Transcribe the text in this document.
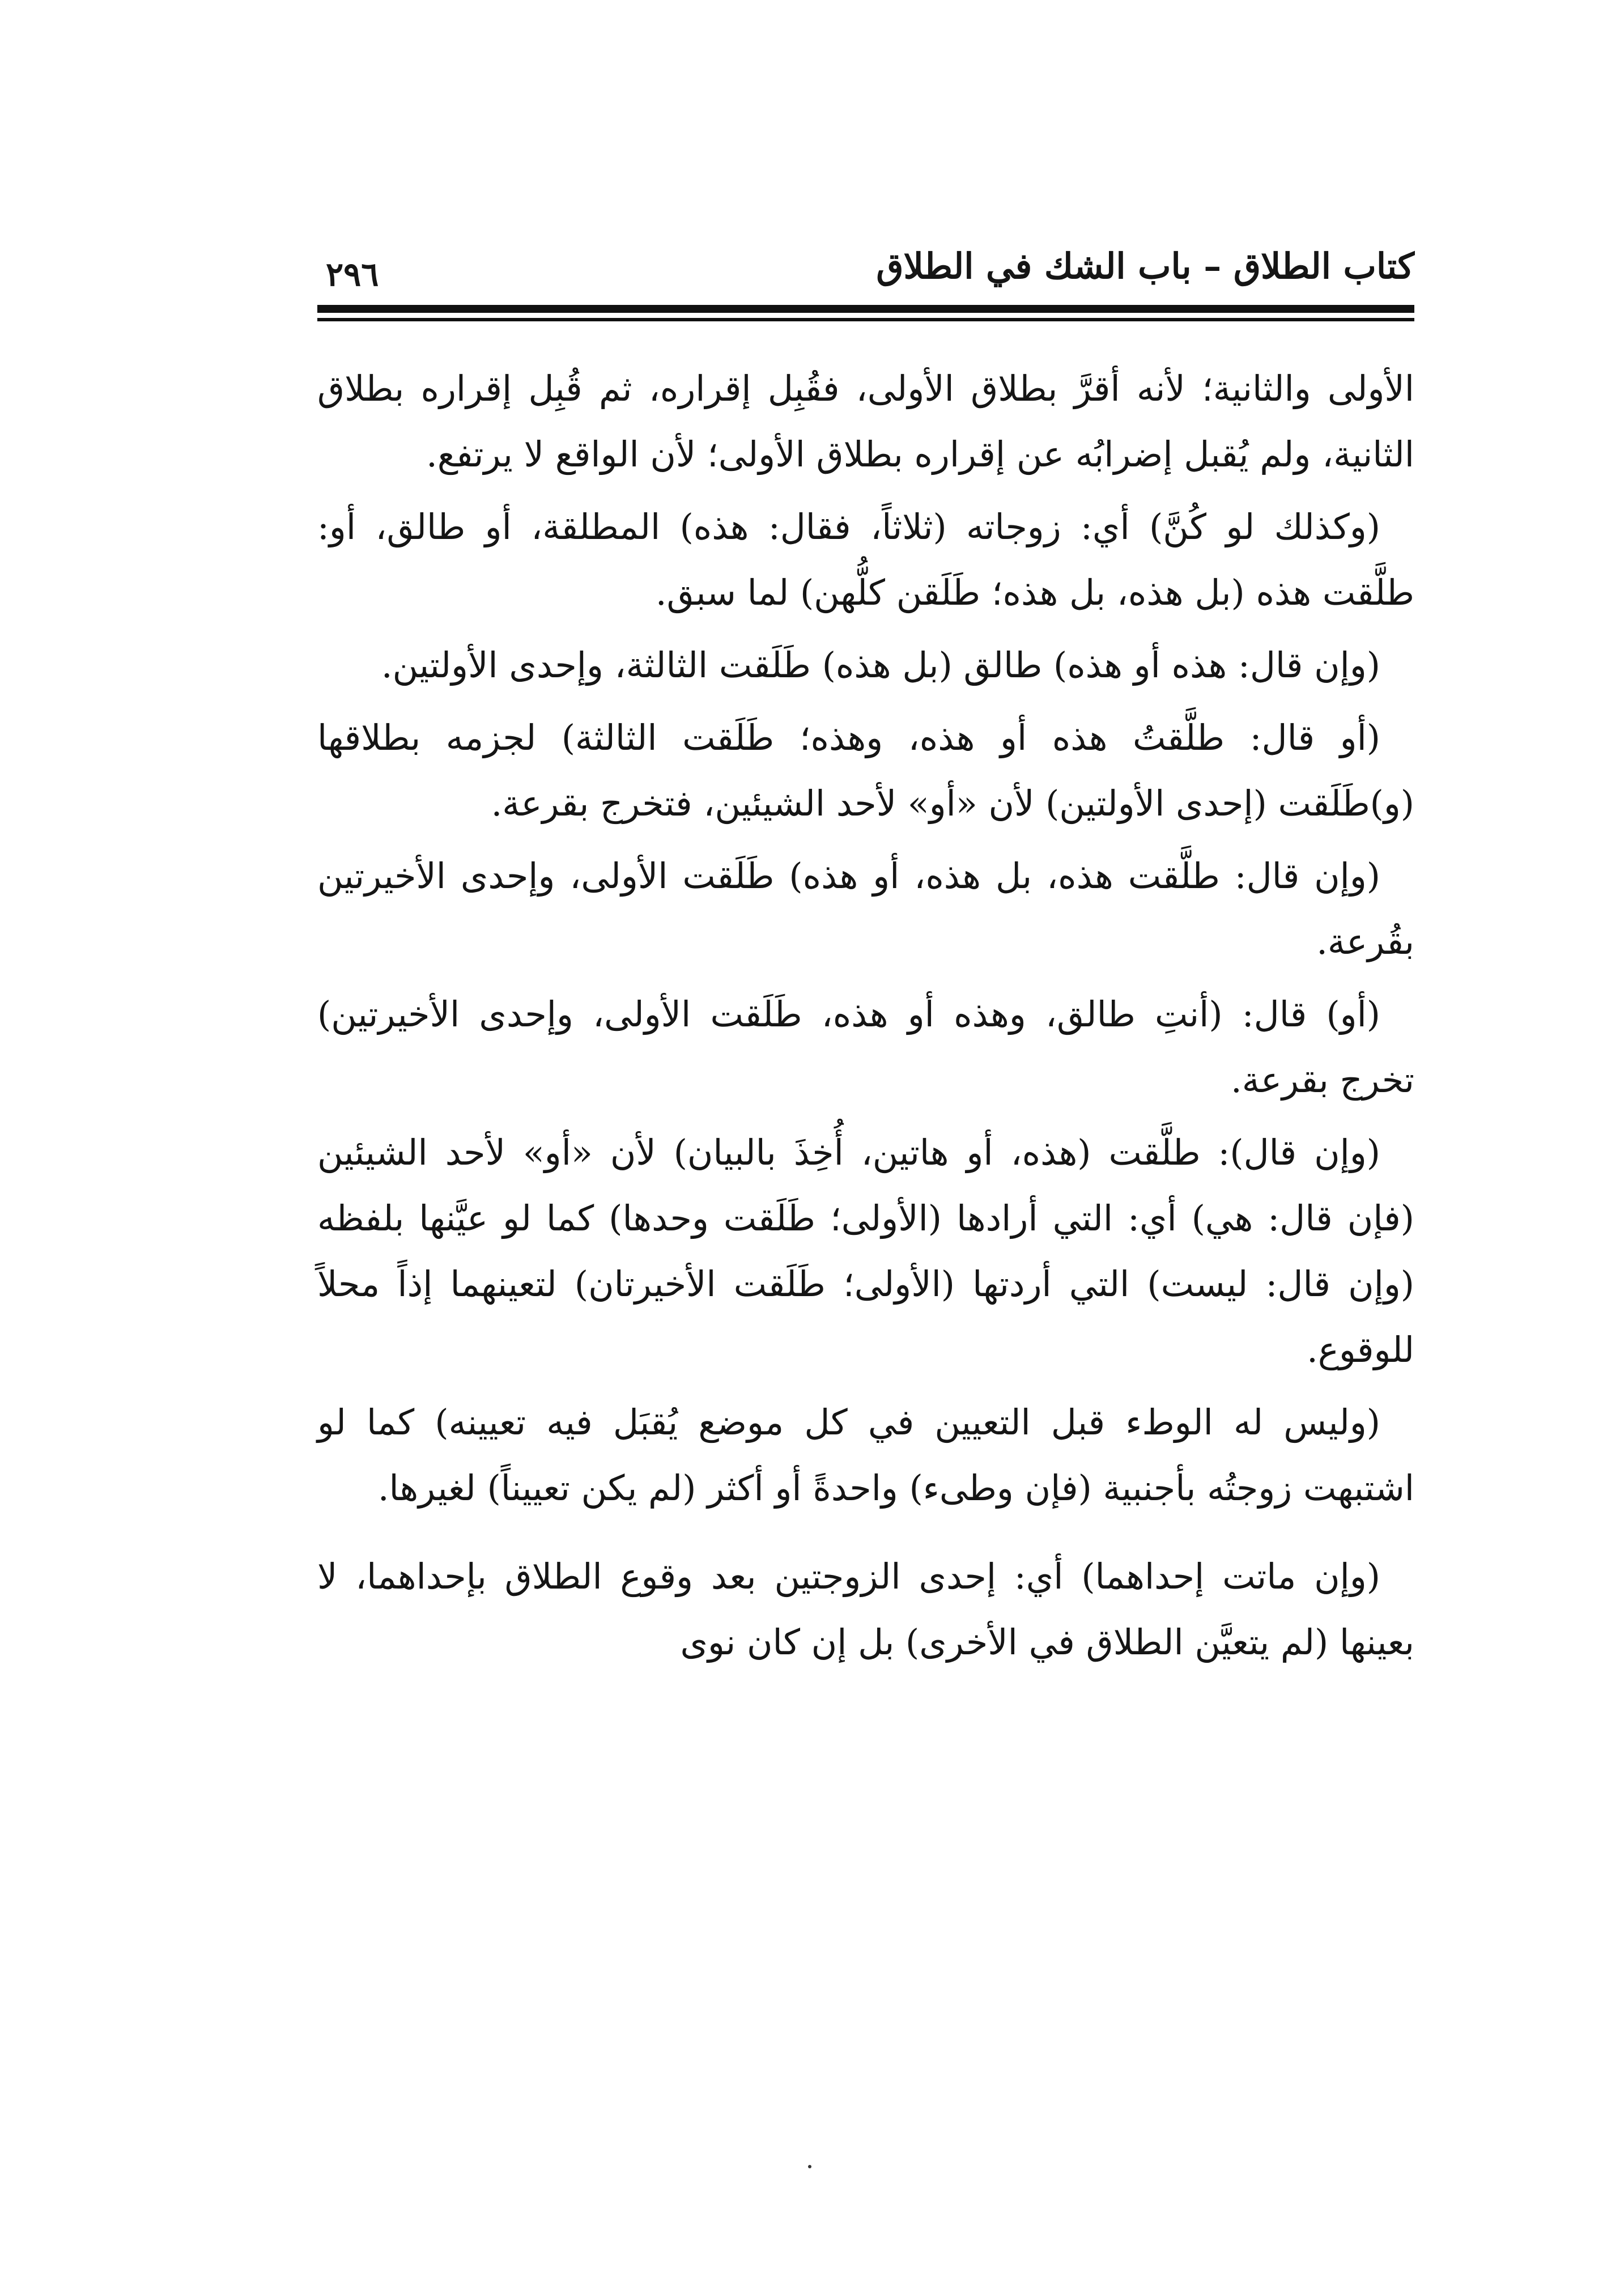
كتاب الطلاق – باب الشك في الطلاق
٢٩٦

الأولى والثانية؛ لأنه أقرَّ بطلاق الأولى، فقُبِل إقراره، ثم قُبِل إقراره بطلاق الثانية، ولم يُقبل إضرابُه عن إقراره بطلاق الأولى؛ لأن الواقع لا يرتفع.

(وكذلك لو كُنَّ) أي: زوجاته (ثلاثاً، فقال: هذه) المطلقة، أو طالق، أو: طلَّقت هذه (بل هذه، بل هذه؛ طَلَقن كلُّهن) لما سبق.

(وإن قال: هذه أو هذه) طالق (بل هذه) طَلَقت الثالثة، وإحدى الأولتين.

(أو قال: طلَّقتُ هذه أو هذه، وهذه؛ طَلَقت الثالثة) لجزمه بطلاقها (و)طَلَقت (إحدى الأولتين) لأن «أو» لأحد الشيئين، فتخرج بقرعة.

(وإن قال: طلَّقت هذه، بل هذه، أو هذه) طَلَقت الأولى، وإحدى الأخيرتين بقُرعة.

(أو) قال: (أنتِ طالق، وهذه أو هذه، طَلَقت الأولى، وإحدى الأخيرتين) تخرج بقرعة.

(وإن قال): طلَّقت (هذه، أو هاتين، أُخِذَ بالبيان) لأن «أو» لأحد الشيئين (فإن قال: هي) أي: التي أرادها (الأولى؛ طَلَقت وحدها) كما لو عيَّنها بلفظه (وإن قال: ليست) التي أردتها (الأولى؛ طَلَقت الأخيرتان) لتعينهما إذاً محلاً للوقوع.

(وليس له الوطء قبل التعيين في كل موضع يُقبَل فيه تعيينه) كما لو اشتبهت زوجتُه بأجنبية (فإن وطىء) واحدةً أو أكثر (لم يكن تعييناً) لغيرها.

(وإن ماتت إحداهما) أي: إحدى الزوجتين بعد وقوع الطلاق بإحداهما، لا بعينها (لم يتعيَّن الطلاق في الأخرى) بل إن كان نوى
